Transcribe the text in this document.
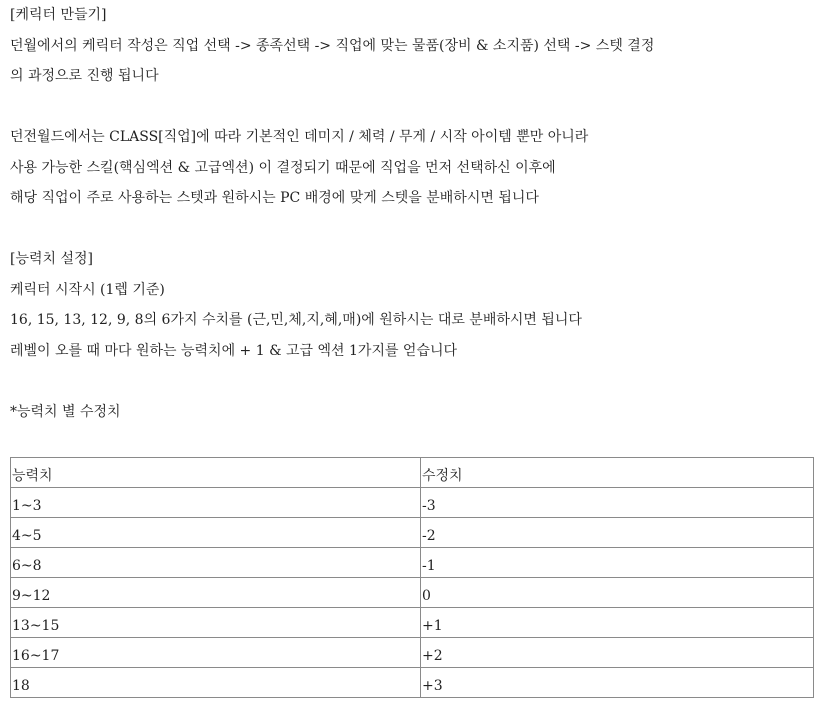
[케릭터 만들기]
던월에서의 케릭터 작성은 직업 선택 -> 종족선택 -> 직업에 맞는 물품(장비 & 소지품) 선택 -> 스텟 결정
의 과정으로 진행 됩니다
던전월드에서는 CLASS[직업]에 따라 기본적인 데미지 / 체력 / 무게 / 시작 아이템 뿐만 아니라
사용 가능한 스킬(핵심엑션 & 고급엑션) 이 결정되기 때문에 직업을 먼저 선택하신 이후에
해당 직업이 주로 사용하는 스텟과 원하시는 PC 배경에 맞게 스텟을 분배하시면 됩니다
[능력치 설정]
케릭터 시작시 (1렙 기준)
16, 15, 13, 12, 9, 8의 6가지 수치를 (근,민,체,지,혜,매)에 원하시는 대로 분배하시면 됩니다
레벨이 오를 때 마다 원하는 능력치에 + 1 & 고급 엑션 1가지를 얻습니다
*능력치 별 수정치
능력치	수정치
1~3	-3
4~5	-2
6~8	-1
9~12	0
13~15	+1
16~17	+2
18	+3
